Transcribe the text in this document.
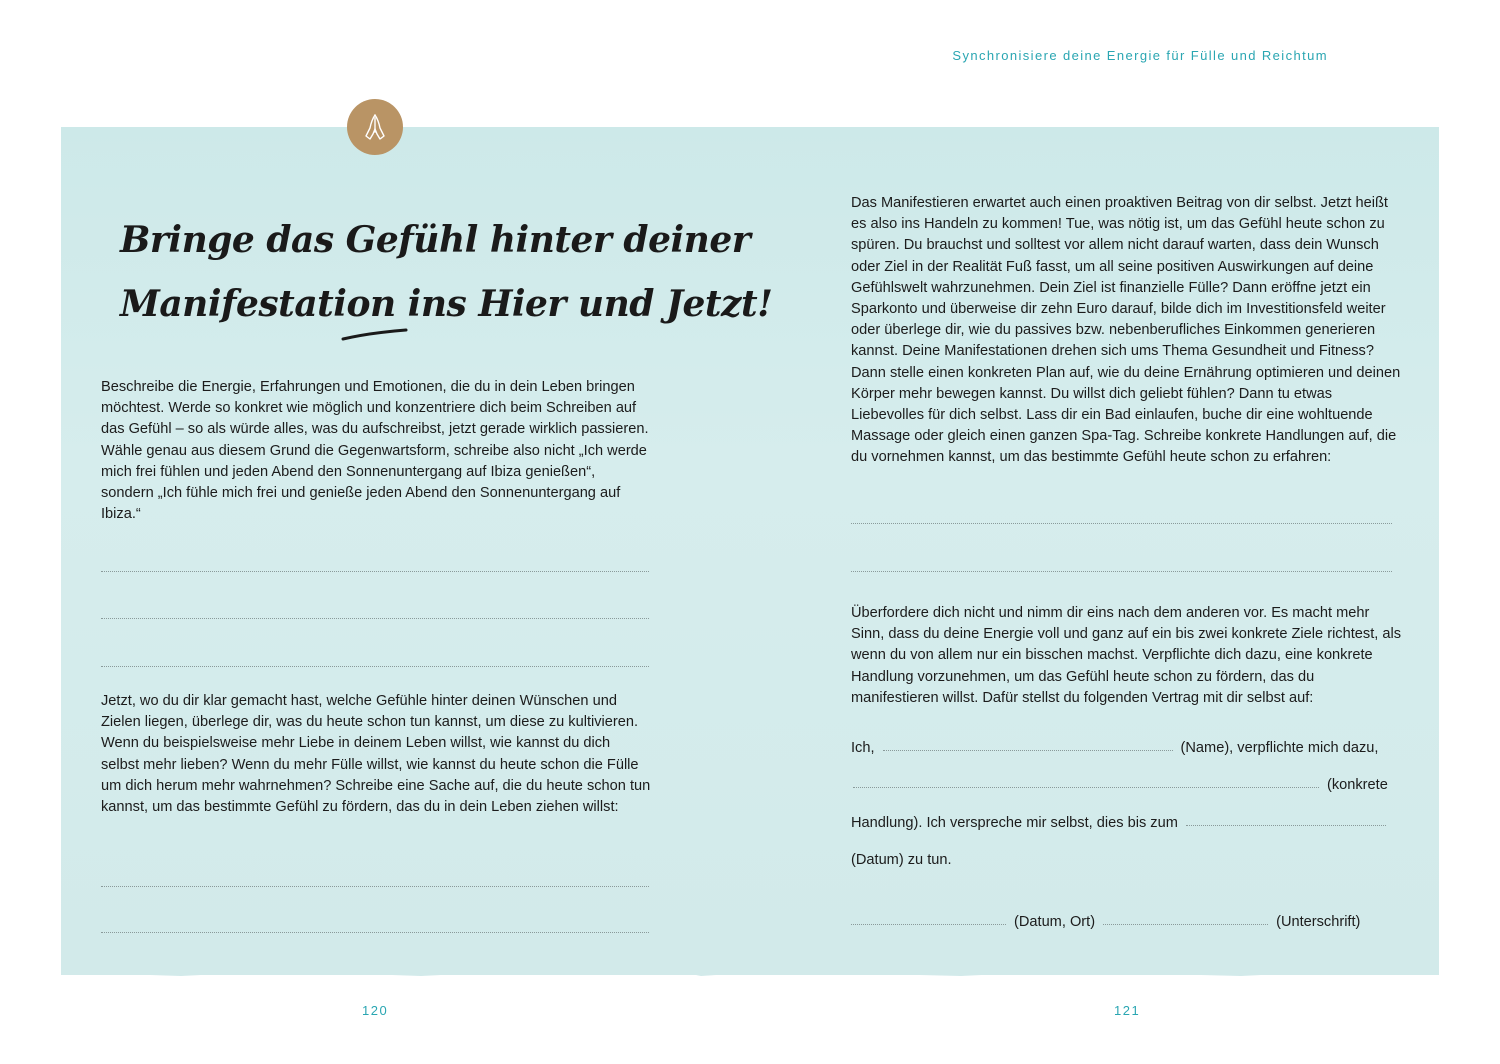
Synchronisiere deine Energie für Fülle und Reichtum
Bringe das Gefühl hinter deiner
Manifestation ins Hier und Jetzt!
Beschreibe die Energie, Erfahrungen und Emotionen, die du in dein Leben bringen möchtest. Werde so konkret wie möglich und konzentriere dich beim Schreiben auf das Gefühl – so als würde alles, was du aufschreibst, jetzt gerade wirklich passieren. Wähle genau aus diesem Grund die Gegenwartsform, schreibe also nicht „Ich werde mich frei fühlen und jeden Abend den Sonnenuntergang auf Ibiza genießen“, sondern „Ich fühle mich frei und genieße jeden Abend den Sonnenuntergang auf Ibiza.“
Jetzt, wo du dir klar gemacht hast, welche Gefühle hinter deinen Wünschen und Zielen liegen, überlege dir, was du heute schon tun kannst, um diese zu kultivieren. Wenn du beispielsweise mehr Liebe in deinem Leben willst, wie kannst du dich selbst mehr lieben? Wenn du mehr Fülle willst, wie kannst du heute schon die Fülle um dich herum mehr wahrnehmen? Schreibe eine Sache auf, die du heute schon tun kannst, um das bestimmte Gefühl zu fördern, das du in dein Leben ziehen willst:
120
Das Manifestieren erwartet auch einen proaktiven Beitrag von dir selbst. Jetzt heißt es also ins Handeln zu kommen! Tue, was nötig ist, um das Gefühl heute schon zu spüren. Du brauchst und solltest vor allem nicht darauf warten, dass dein Wunsch oder Ziel in der Realität Fuß fasst, um all seine positiven Auswirkungen auf deine Gefühlswelt wahrzunehmen. Dein Ziel ist finanzielle Fülle? Dann eröffne jetzt ein Sparkonto und überweise dir zehn Euro darauf, bilde dich im Investitionsfeld weiter oder überlege dir, wie du passives bzw. nebenberufliches Einkommen generieren kannst. Deine Manifestationen drehen sich ums Thema Gesundheit und Fitness? Dann stelle einen konkreten Plan auf, wie du deine Ernährung optimieren und deinen Körper mehr bewegen kannst. Du willst dich geliebt fühlen? Dann tu etwas Liebevolles für dich selbst. Lass dir ein Bad einlaufen, buche dir eine wohltuende Massage oder gleich einen ganzen Spa-Tag. Schreibe konkrete Handlungen auf, die du vornehmen kannst, um das bestimmte Gefühl heute schon zu erfahren:
Überfordere dich nicht und nimm dir eins nach dem anderen vor. Es macht mehr Sinn, dass du deine Energie voll und ganz auf ein bis zwei konkrete Ziele richtest, als wenn du von allem nur ein bisschen machst. Verpflichte dich dazu, eine konkrete Handlung vorzunehmen, um das Gefühl heute schon zu fördern, das du manifestieren willst. Dafür stellst du folgenden Vertrag mit dir selbst auf:
Ich,	(Name), verpflichte mich dazu,
(konkrete
Handlung). Ich verspreche mir selbst, dies bis zum
(Datum) zu tun.
(Datum, Ort)	(Unterschrift)
121
